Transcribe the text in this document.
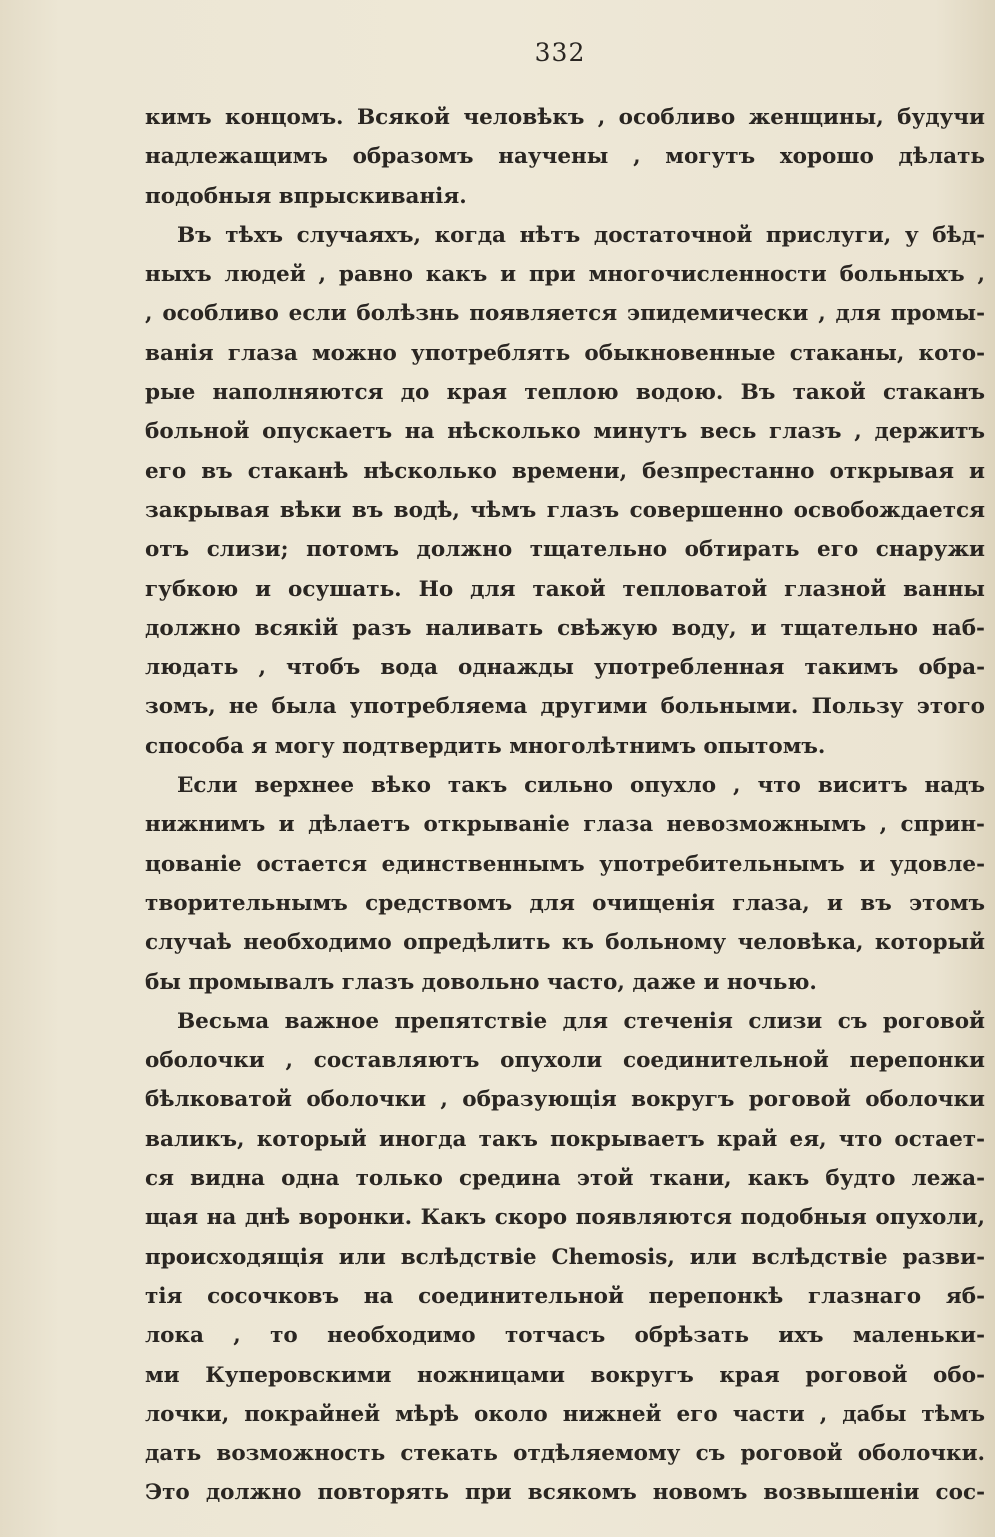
332
кимъ концомъ. Всякой человѣкъ , особливо женщины, будучи
надлежащимъ образомъ научены , могутъ хорошо дѣлать
подобныя впрыскиванія.
Въ тѣхъ случаяхъ, когда нѣтъ достаточной прислуги, у бѣд-
ныхъ людей , равно какъ и при многочисленности больныхъ ,
, особливо если болѣзнь появляется эпидемически , для промы-
ванія глаза можно употреблять обыкновенные стаканы, кото-
рые наполняются до края теплою водою. Въ такой стаканъ
больной опускаетъ на нѣсколько минутъ весь глазъ , держитъ
его въ стаканѣ нѣсколько времени, безпрестанно открывая и
закрывая вѣки въ водѣ, чѣмъ глазъ совершенно освобождается
отъ слизи; потомъ должно тщательно обтирать его снаружи
губкою и осушать. Но для такой тепловатой глазной ванны
должно всякій разъ наливать свѣжую воду, и тщательно наб-
людать , чтобъ вода однажды употребленная такимъ обра-
зомъ, не была употребляема другими больными. Пользу этого
способа я могу подтвердить многолѣтнимъ опытомъ.
Если верхнее вѣко такъ сильно опухло , что виситъ надъ
нижнимъ и дѣлаетъ открываніе глаза невозможнымъ , сприн-
цованіе остается единственнымъ употребительнымъ и удовле-
творительнымъ средствомъ для очищенія глаза, и въ этомъ
случаѣ необходимо опредѣлить къ больному человѣка, который
бы промывалъ глазъ довольно часто, даже и ночью.
Весьма важное препятствіе для стеченія слизи съ роговой
оболочки , составляютъ опухоли соединительной перепонки
бѣлковатой оболочки , образующія вокругъ роговой оболочки
валикъ, который иногда такъ покрываетъ край ея, что остает-
ся видна одна только средина этой ткани, какъ будто лежа-
щая на днѣ воронки. Какъ скоро появляются подобныя опухоли,
происходящія или вслѣдствіе Chemosis, или вслѣдствіе разви-
тія сосочковъ на соединительной перепонкѣ глазнаго яб-
лока , то необходимо тотчасъ обрѣзать ихъ маленьки-
ми Куперовскими ножницами вокругъ края роговой обо-
лочки, покрайней мѣрѣ около нижней его части , дабы тѣмъ
дать возможность стекать отдѣляемому съ роговой оболочки.
Это должно повторять при всякомъ новомъ возвышеніи сос-
